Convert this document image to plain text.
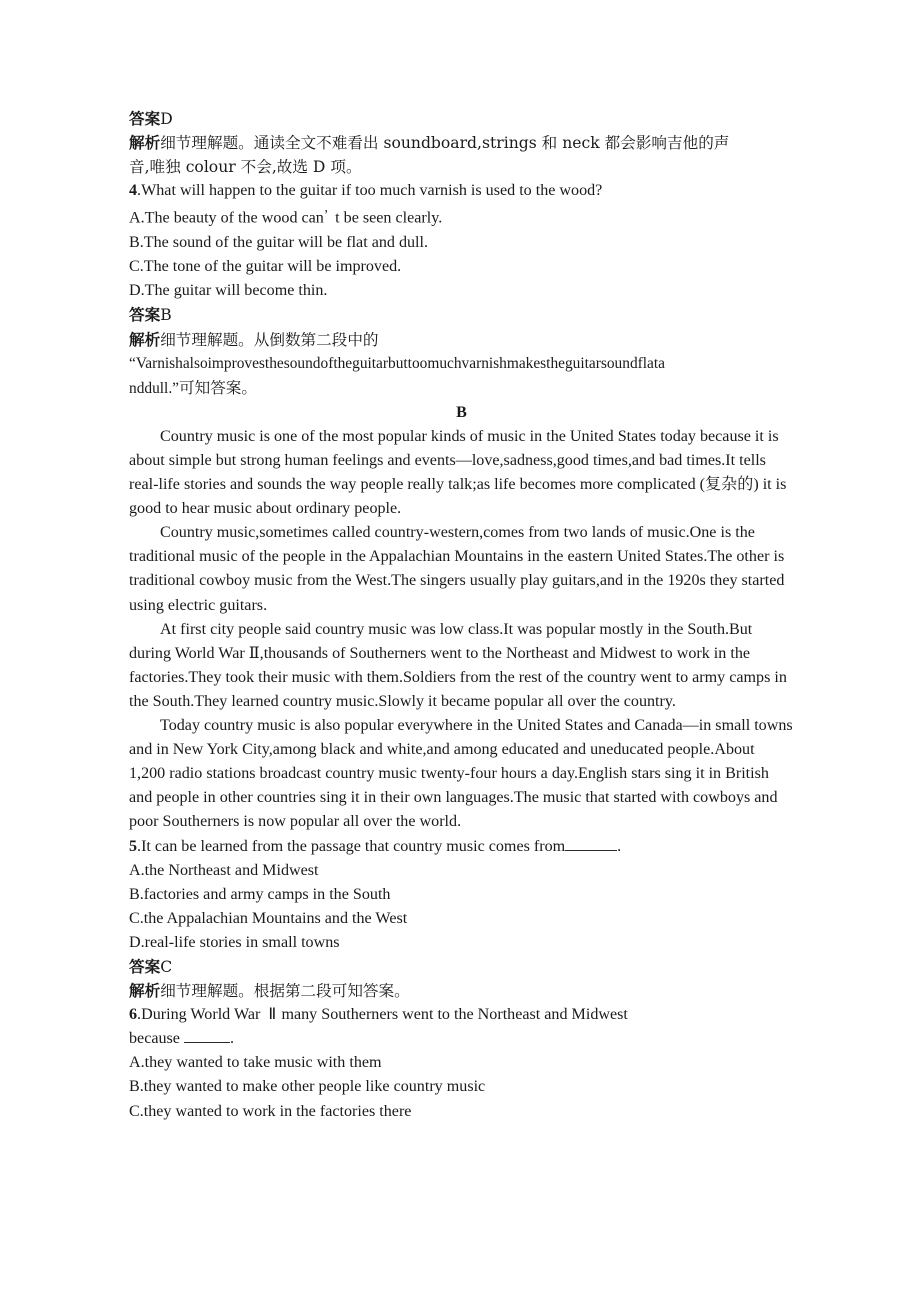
答案D
解析细节理解题。通读全文不难看出 soundboard,strings 和 neck 都会影响吉他的声
音,唯独 colour 不会,故选 D 项。
4.What will happen to the guitar if too much varnish is used to the wood?
A.The beauty of the wood can’ t be seen clearly.
B.The sound of the guitar will be flat and dull.
C.The tone of the guitar will be improved.
D.The guitar will become thin.
答案B
解析细节理解题。从倒数第二段中的
“Varnishalsoimprovesthesoundoftheguitarbuttoomuchvarnishmakestheguitarsoundflata
nddull.”可知答案。
B
Country music is one of the most popular kinds of music in the United States today because it is about simple but strong human feelings and events—love,sadness,good times,and bad times.It tells real-life stories and sounds the way people really talk;as life becomes more complicated (复杂的) it is good to hear music about ordinary people.
Country music,sometimes called country-western,comes from two lands of music.One is the traditional music of the people in the Appalachian Mountains in the eastern United States.The other is traditional cowboy music from the West.The singers usually play guitars,and in the 1920s they started using electric guitars.
At first city people said country music was low class.It was popular mostly in the South.But during World War Ⅱ,thousands of Southerners went to the Northeast and Midwest to work in the factories.They took their music with them.Soldiers from the rest of the country went to army camps in the South.They learned country music.Slowly it became popular all over the country.
Today country music is also popular everywhere in the United States and Canada—in small towns and in New York City,among black and white,and among educated and uneducated people.About 1,200 radio stations broadcast country music twenty-four hours a day.English stars sing it in British and people in other countries sing it in their own languages.The music that started with cowboys and poor Southerners is now popular all over the world.
5.It can be learned from the passage that country music comes from	.
A.the Northeast and Midwest
B.factories and army camps in the South
C.the Appalachian Mountains and the West
D.real-life stories in small towns
答案C
解析细节理解题。根据第二段可知答案。
6.During World War Ⅱ many Southerners went to the Northeast and Midwest
because	.
A.they wanted to take music with them
B.they wanted to make other people like country music
C.they wanted to work in the factories there
